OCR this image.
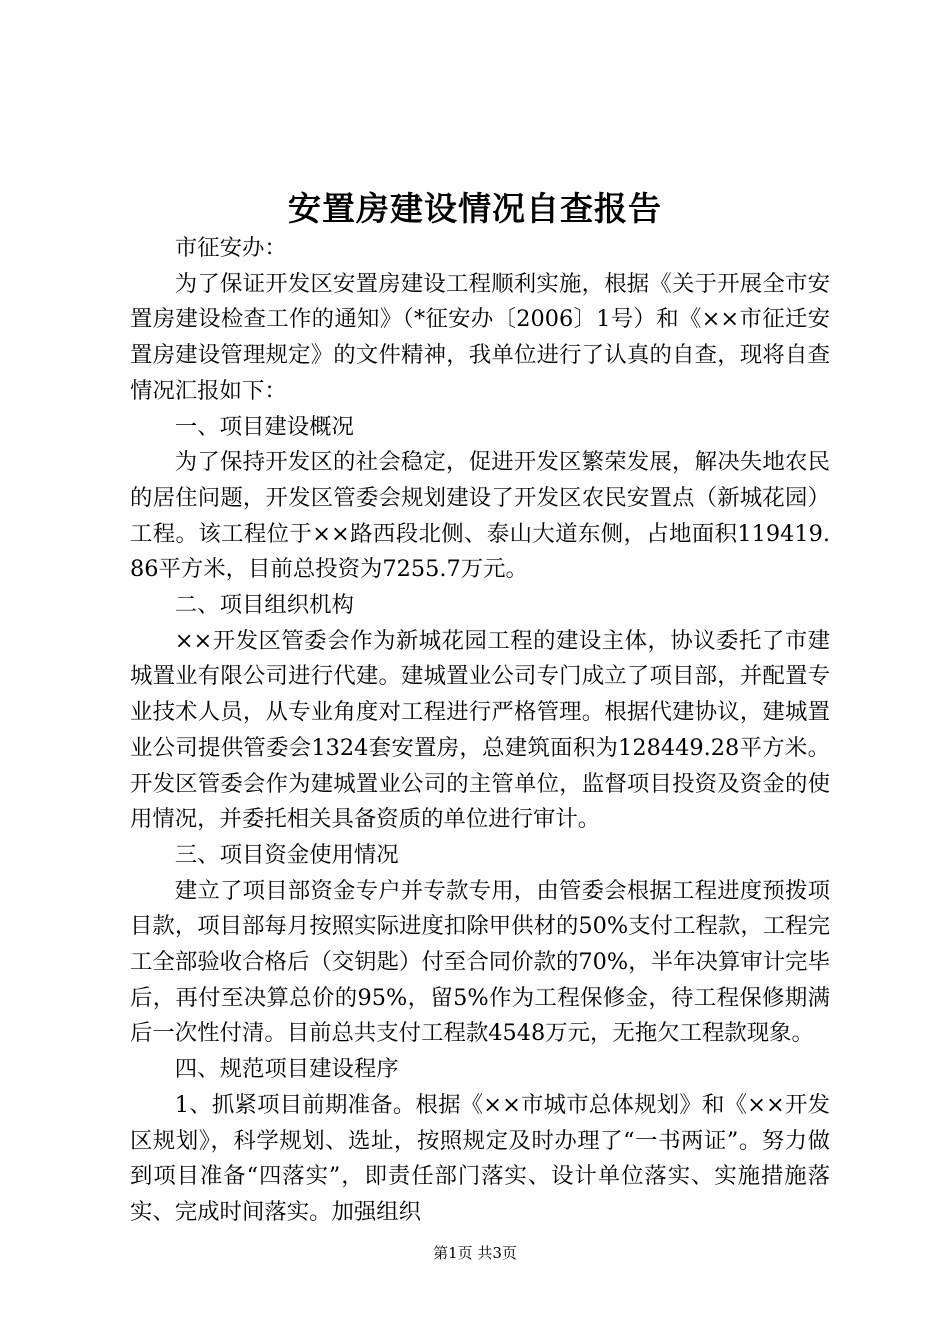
安置房建设情况自查报告

市征安办：

为了保证开发区安置房建设工程顺利实施，根据《关于开展全市安置房建设检查工作的通知》（*征安办〔2006〕1号）和《××市征迁安置房建设管理规定》的文件精神，我单位进行了认真的自查，现将自查情况汇报如下：

一、项目建设概况

为了保持开发区的社会稳定，促进开发区繁荣发展，解决失地农民的居住问题，开发区管委会规划建设了开发区农民安置点（新城花园）工程。该工程位于××路西段北侧、泰山大道东侧，占地面积119419.86平方米，目前总投资为7255.7万元。

二、项目组织机构

××开发区管委会作为新城花园工程的建设主体，协议委托了市建城置业有限公司进行代建。建城置业公司专门成立了项目部，并配置专业技术人员，从专业角度对工程进行严格管理。根据代建协议，建城置业公司提供管委会1324套安置房，总建筑面积为128449.28平方米。开发区管委会作为建城置业公司的主管单位，监督项目投资及资金的使用情况，并委托相关具备资质的单位进行审计。

三、项目资金使用情况

建立了项目部资金专户并专款专用，由管委会根据工程进度预拨项目款，项目部每月按照实际进度扣除甲供材的50%支付工程款，工程完工全部验收合格后（交钥匙）付至合同价款的70%，半年决算审计完毕后，再付至决算总价的95%，留5%作为工程保修金，待工程保修期满后一次性付清。目前总共支付工程款4548万元，无拖欠工程款现象。

四、规范项目建设程序

1、抓紧项目前期准备。根据《××市城市总体规划》和《××开发区规划》，科学规划、选址，按照规定及时办理了“一书两证”。努力做到项目准备“四落实”，即责任部门落实、设计单位落实、实施措施落实、完成时间落实。加强组织

第1页 共3页
